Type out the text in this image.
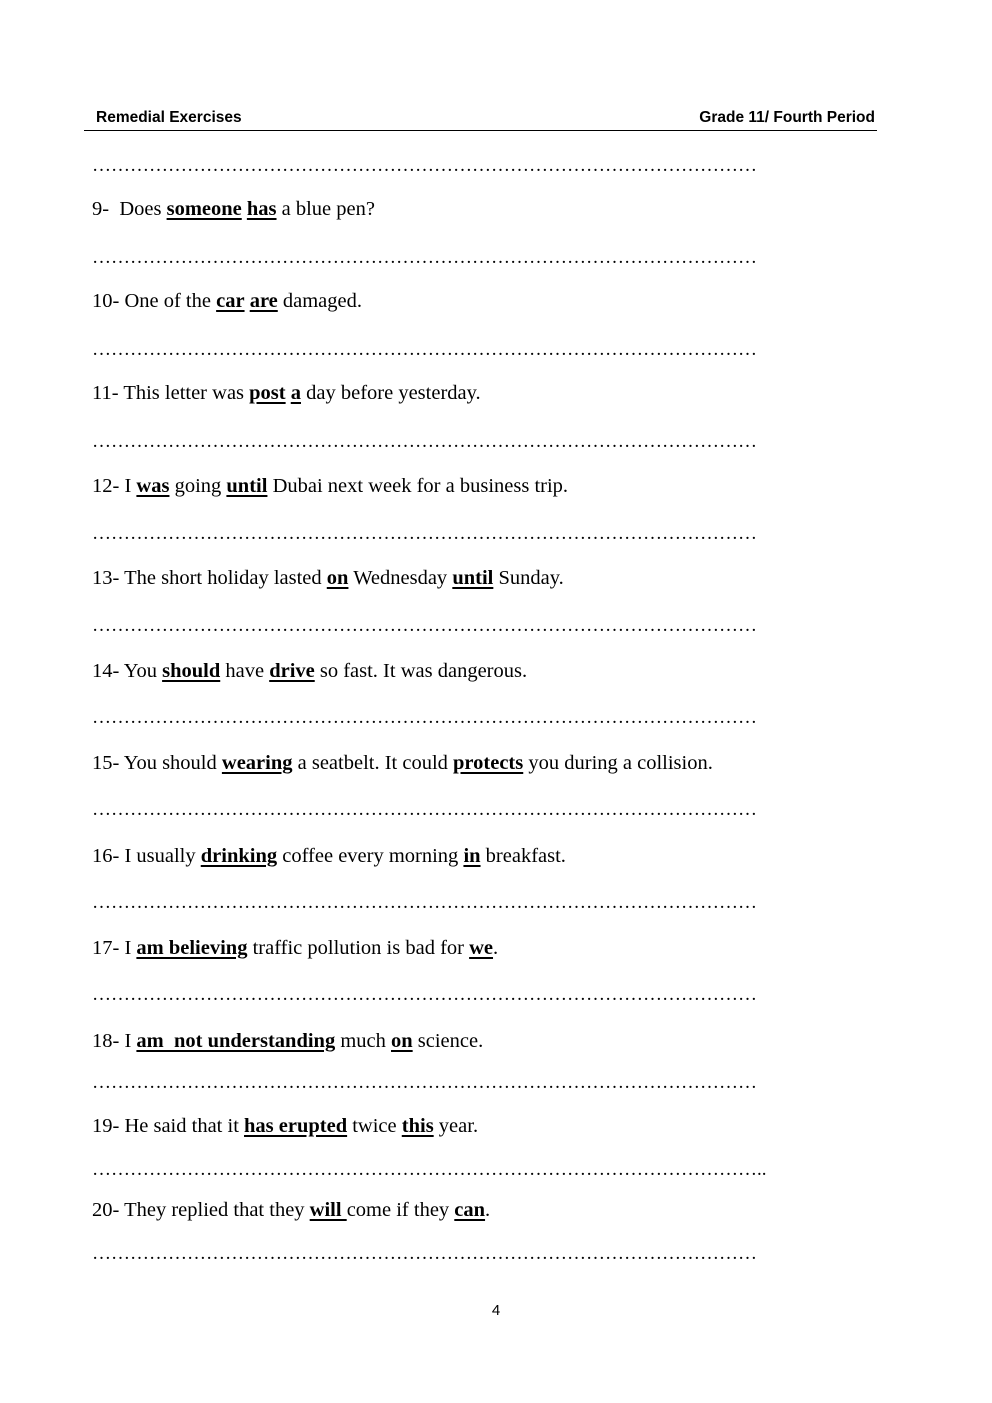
Remedial Exercises	Grade 11/ Fourth Period
……………………………………………………………………………………………
9-  Does someone has a blue pen?
……………………………………………………………………………………………
10- One of the car are damaged.
……………………………………………………………………………………………
11- This letter was post a day before yesterday.
……………………………………………………………………………………………
12- I was going until Dubai next week for a business trip.
……………………………………………………………………………………………
13- The short holiday lasted on Wednesday until Sunday.
……………………………………………………………………………………………
14- You should have drive so fast. It was dangerous.
……………………………………………………………………………………………
15- You should wearing a seatbelt. It could protects you during a collision.
……………………………………………………………………………………………
16- I usually drinking coffee every morning in breakfast.
……………………………………………………………………………………………
17- I am believing traffic pollution is bad for we.
……………………………………………………………………………………………
18- I am  not understanding much on science.
……………………………………………………………………………………………
19- He said that it has erupted twice this year.
……………………………………………………………………………………………..
20- They replied that they will come if they can.
……………………………………………………………………………………………
4
